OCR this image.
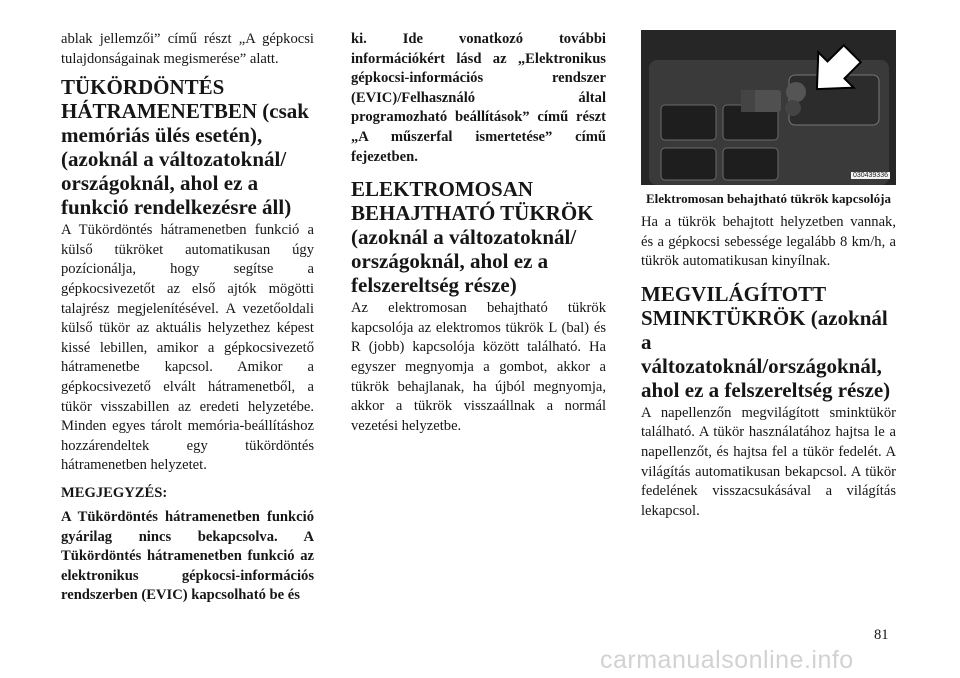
ablak jellemzői” című részt „A gépkocsi tulajdonságainak megismerése” alatt.

TÜKÖRDÖNTÉS HÁTRAMENETBEN (csak memóriás ülés esetén), (azoknál a változatoknál/ országoknál, ahol ez a funkció rendelkezésre áll)

A Tükördöntés hátramenetben funkció a külső tükröket automatikusan úgy pozícionálja, hogy segítse a gépkocsivezetőt az első ajtók mögötti talajrész megjelenítésével. A vezetőoldali külső tükör az aktuális helyzethez képest kissé lebillen, amikor a gépkocsivezető hátramenetbe kapcsol. Amikor a gépkocsivezető elvált hátramenetből, a tükör visszabillen az eredeti helyzetébe. Minden egyes tárolt memória-beállításhoz hozzárendeltek egy tükördöntés hátramenetben helyzetet.

MEGJEGYZÉS:

A Tükördöntés hátramenetben funkció gyárilag nincs bekapcsolva. A Tükördöntés hátramenetben funkció az elektronikus gépkocsi-információs rendszerben (EVIC) kapcsolható be és

ki. Ide vonatkozó további információkért lásd az „Elektronikus gépkocsi-információs rendszer (EVIC)/Felhasználó által programozható beállítások” című részt „A műszerfal ismertetése” című fejezetben.

ELEKTROMOSAN BEHAJTHATÓ TÜKRÖK (azoknál a változatoknál/ országoknál, ahol ez a felszereltség része)

Az elektromosan behajtható tükrök kapcsolója az elektromos tükrök L (bal) és R (jobb) kapcsolója között található. Ha egyszer megnyomja a gombot, akkor a tükrök behajlanak, ha újból megnyomja, akkor a tükrök visszaállnak a normál vezetési helyzetbe.

030439336
Elektromosan behajtható tükrök kapcsolója

Ha a tükrök behajtott helyzetben vannak, és a gépkocsi sebessége legalább 8 km/h, a tükrök automatikusan kinyílnak.

MEGVILÁGÍTOTT SMINKTÜKRÖK (azoknál a változatoknál/országoknál, ahol ez a felszereltség része)

A napellenzőn megvilágított sminktükör található. A tükör használatához hajtsa le a napellenzőt, és hajtsa fel a tükör fedelét. A világítás automatikusan bekapcsol. A tükör fedelének visszacsukásával a világítás lekapcsol.

81
carmanualsonline.info
